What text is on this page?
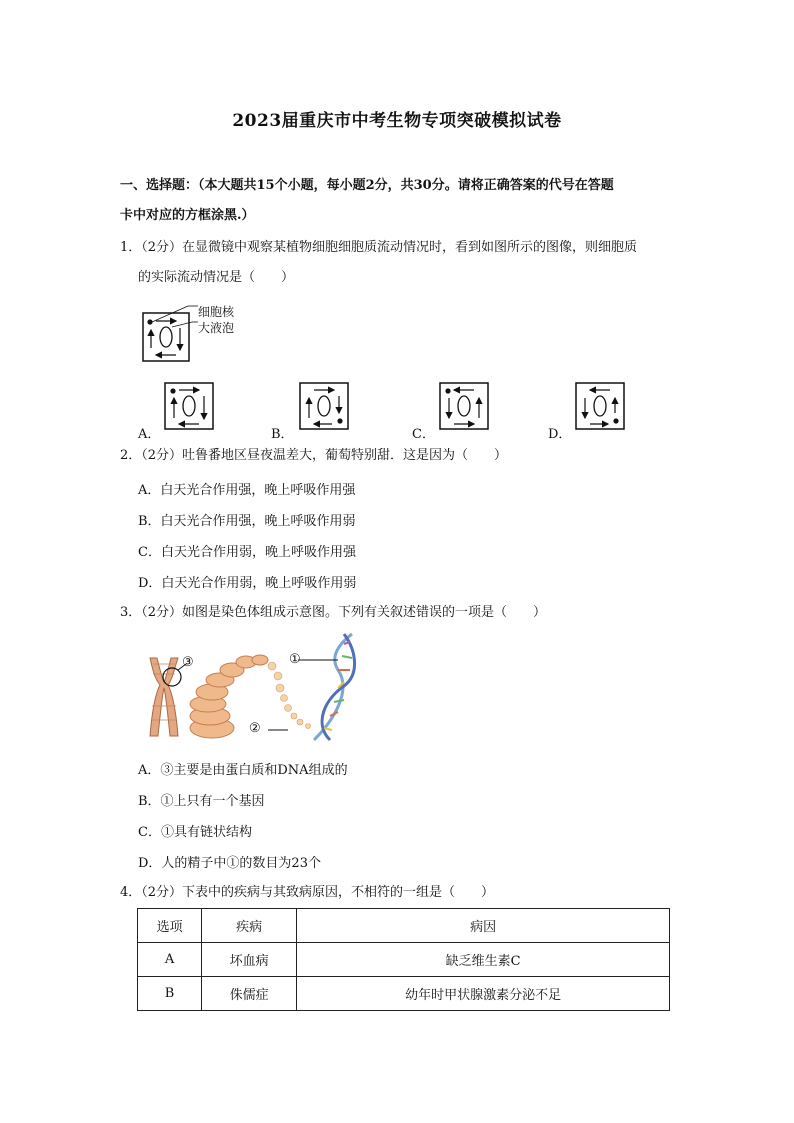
2023届重庆市中考生物专项突破模拟试卷
一、选择题：（本大题共15个小题，每小题2分，共30分。请将正确答案的代号在答题
卡中对应的方框涂黑.）
1．（2分）在显微镜中观察某植物细胞细胞质流动情况时，看到如图所示的图像，则细胞质
的实际流动情况是（　　）
细胞核
大液泡
A．	B．	C．	D．
2．（2分）吐鲁番地区昼夜温差大，葡萄特别甜．这是因为（　　）
A．白天光合作用强，晚上呼吸作用强
B．白天光合作用强，晚上呼吸作用弱
C．白天光合作用弱，晚上呼吸作用强
D．白天光合作用弱，晚上呼吸作用弱
3．（2分）如图是染色体组成示意图。下列有关叙述错误的一项是（　　）
③	①
②
A．③主要是由蛋白质和DNA组成的
B．①上只有一个基因
C．①具有链状结构
D．人的精子中①的数目为23个
4．（2分）下表中的疾病与其致病原因，不相符的一组是（　　）
选项	疾病	病因
A	坏血病	缺乏维生素C
B	侏儒症	幼年时甲状腺激素分泌不足
